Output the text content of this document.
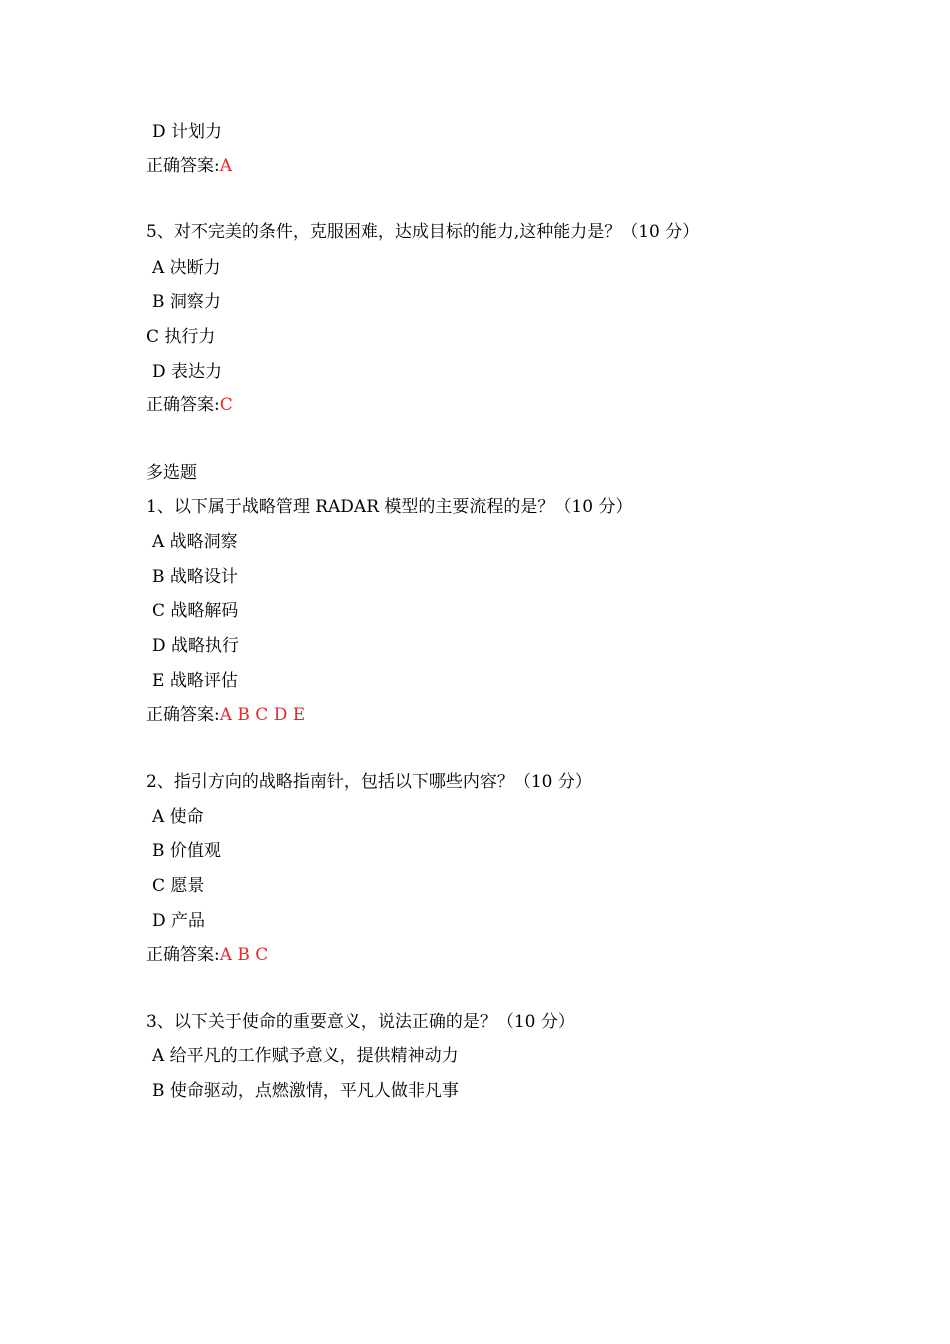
D 计划力
正确答案:A
5、对不完美的条件，克服困难，达成目标的能力,这种能力是？（10 分）
A 决断力
B 洞察力
C 执行力
D 表达力
正确答案:C
多选题
1、以下属于战略管理 RADAR 模型的主要流程的是？（10 分）
A 战略洞察
B 战略设计
C 战略解码
D 战略执行
E 战略评估
正确答案:A B C D E
2、指引方向的战略指南针，包括以下哪些内容？（10 分）
A 使命
B 价值观
C 愿景
D 产品
正确答案:A B C
3、以下关于使命的重要意义，说法正确的是？（10 分）
A 给平凡的工作赋予意义，提供精神动力
B 使命驱动，点燃激情，平凡人做非凡事
